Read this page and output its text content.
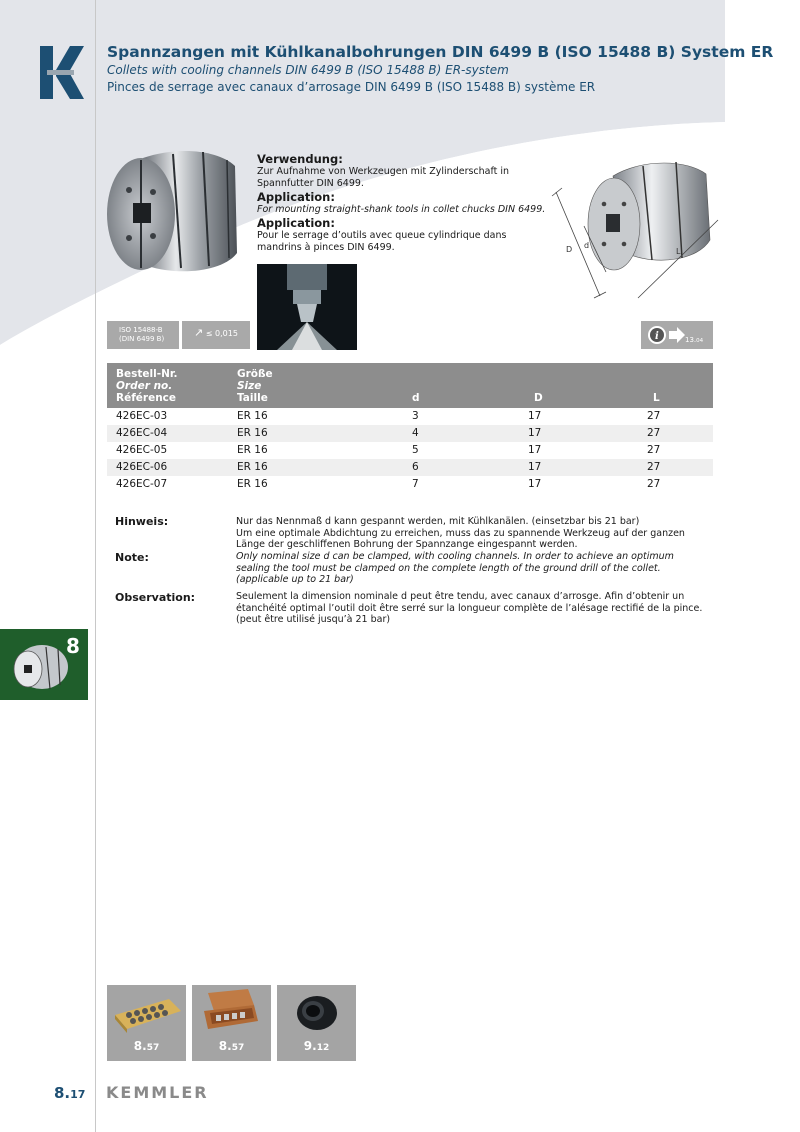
Spannzangen mit Kühlkanalbohrungen DIN 6499 B (ISO 15488 B) System ER
Collets with cooling channels DIN 6499 B (ISO 15488 B) ER-system
Pinces de serrage avec canaux d’arrosage DIN 6499 B (ISO 15488 B) système ER
Verwendung:
Zur Aufnahme von Werkzeugen mit Zylinderschaft in Spannfutter DIN 6499.
Application:
For mounting straight-shank tools in collet chucks DIN 6499.
Application:
Pour le serrage d’outils avec queue cylindrique dans mandrins à pinces DIN 6499.	D d
L
ISO 15488-B
(DIN 6499 B)	↗ ≤ 0,015	i	13.04
Bestell-Nr.
Order no.
Référence
Größe
Size
Taille	d	D	L
426EC-03	ER 16	3	17	27
426EC-04	ER 16	4	17	27
426EC-05	ER 16	5	17	27
426EC-06	ER 16	6	17	27
426EC-07	ER 16	7	17	27
Hinweis:	Nur das Nennmaß d kann gespannt werden, mit Kühlkanälen. (einsetzbar bis 21 bar)
Um eine optimale Abdichtung zu erreichen, muss das zu spannende Werkzeug auf der ganzen Länge der geschliffenen Bohrung der Spannzange eingespannt werden.
Note:	Only nominal size d can be clamped, with cooling channels. In order to achieve an optimum sealing the tool must be clamped on the complete length of the ground drill of the collet. (applicable up to 21 bar)
Observation:	Seulement la dimension nominale d peut être tendu, avec canaux d’arrosge. Afin d’obtenir un étanchéité optimal l’outil doit être serré sur la longueur complète de l’alésage rectifié de la pince. (peut être utilisé jusqu’à 21 bar)
8
8.57	8.57	9.12
8.17 KEMMLER
